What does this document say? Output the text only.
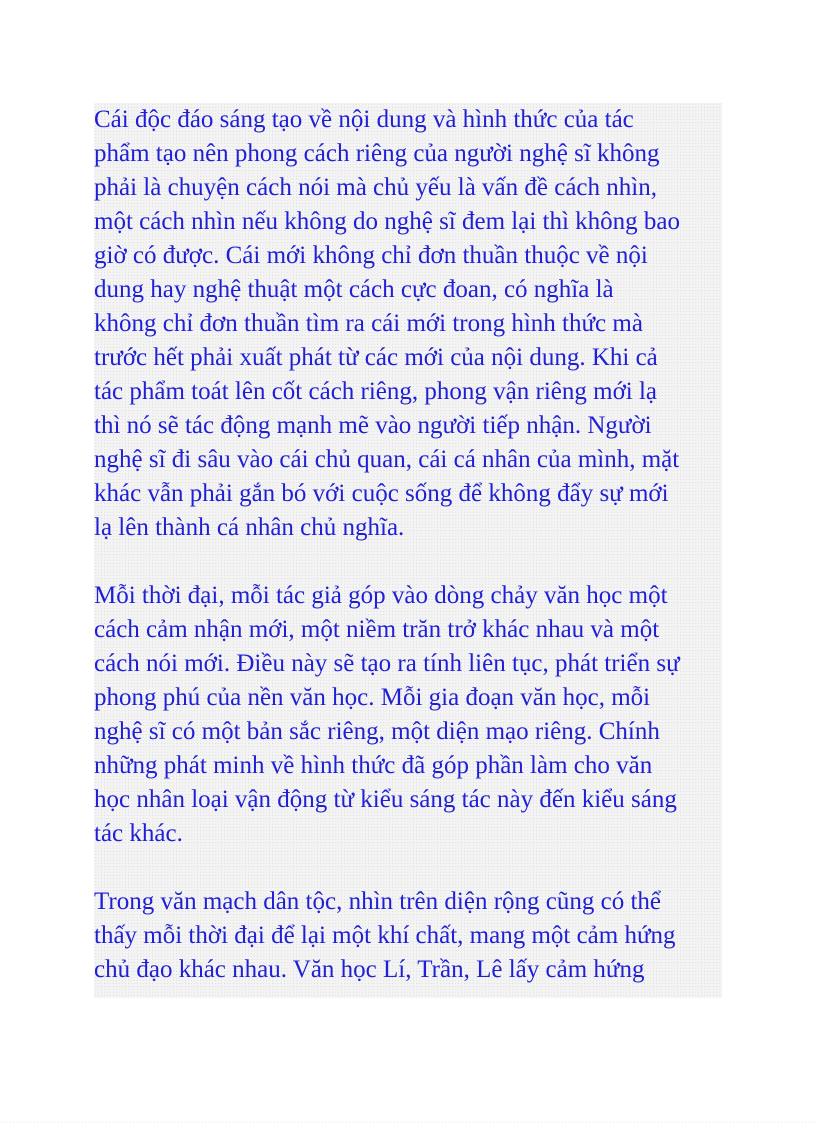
Cái độc đáo sáng tạo về nội dung và hình thức của tác
phẩm tạo nên phong cách riêng của người nghệ sĩ không
phải là chuyện cách nói mà chủ yếu là vấn đề cách nhìn,
một cách nhìn nếu không do nghệ sĩ đem lại thì không bao
giờ có được. Cái mới không chỉ đơn thuần thuộc về nội
dung hay nghệ thuật một cách cực đoan, có nghĩa là
không chỉ đơn thuần tìm ra cái mới trong hình thức mà
trước hết phải xuất phát từ các mới của nội dung. Khi cả
tác phẩm toát lên cốt cách riêng, phong vận riêng mới lạ
thì nó sẽ tác động mạnh mẽ vào người tiếp nhận. Người
nghệ sĩ đi sâu vào cái chủ quan, cái cá nhân của mình, mặt
khác vẫn phải gắn bó với cuộc sống để không đẩy sự mới
lạ lên thành cá nhân chủ nghĩa.

Mỗi thời đại, mỗi tác giả góp vào dòng chảy văn học một
cách cảm nhận mới, một niềm trăn trở khác nhau và một
cách nói mới. Điều này sẽ tạo ra tính liên tục, phát triển sự
phong phú của nền văn học. Mỗi gia đoạn văn học, mỗi
nghệ sĩ có một bản sắc riêng, một diện mạo riêng. Chính
những phát minh về hình thức đã góp phần làm cho văn
học nhân loại vận động từ kiểu sáng tác này đến kiểu sáng
tác khác.

Trong văn mạch dân tộc, nhìn trên diện rộng cũng có thể
thấy mỗi thời đại để lại một khí chất, mang một cảm hứng
chủ đạo khác nhau. Văn học Lí, Trần, Lê lấy cảm hứng
